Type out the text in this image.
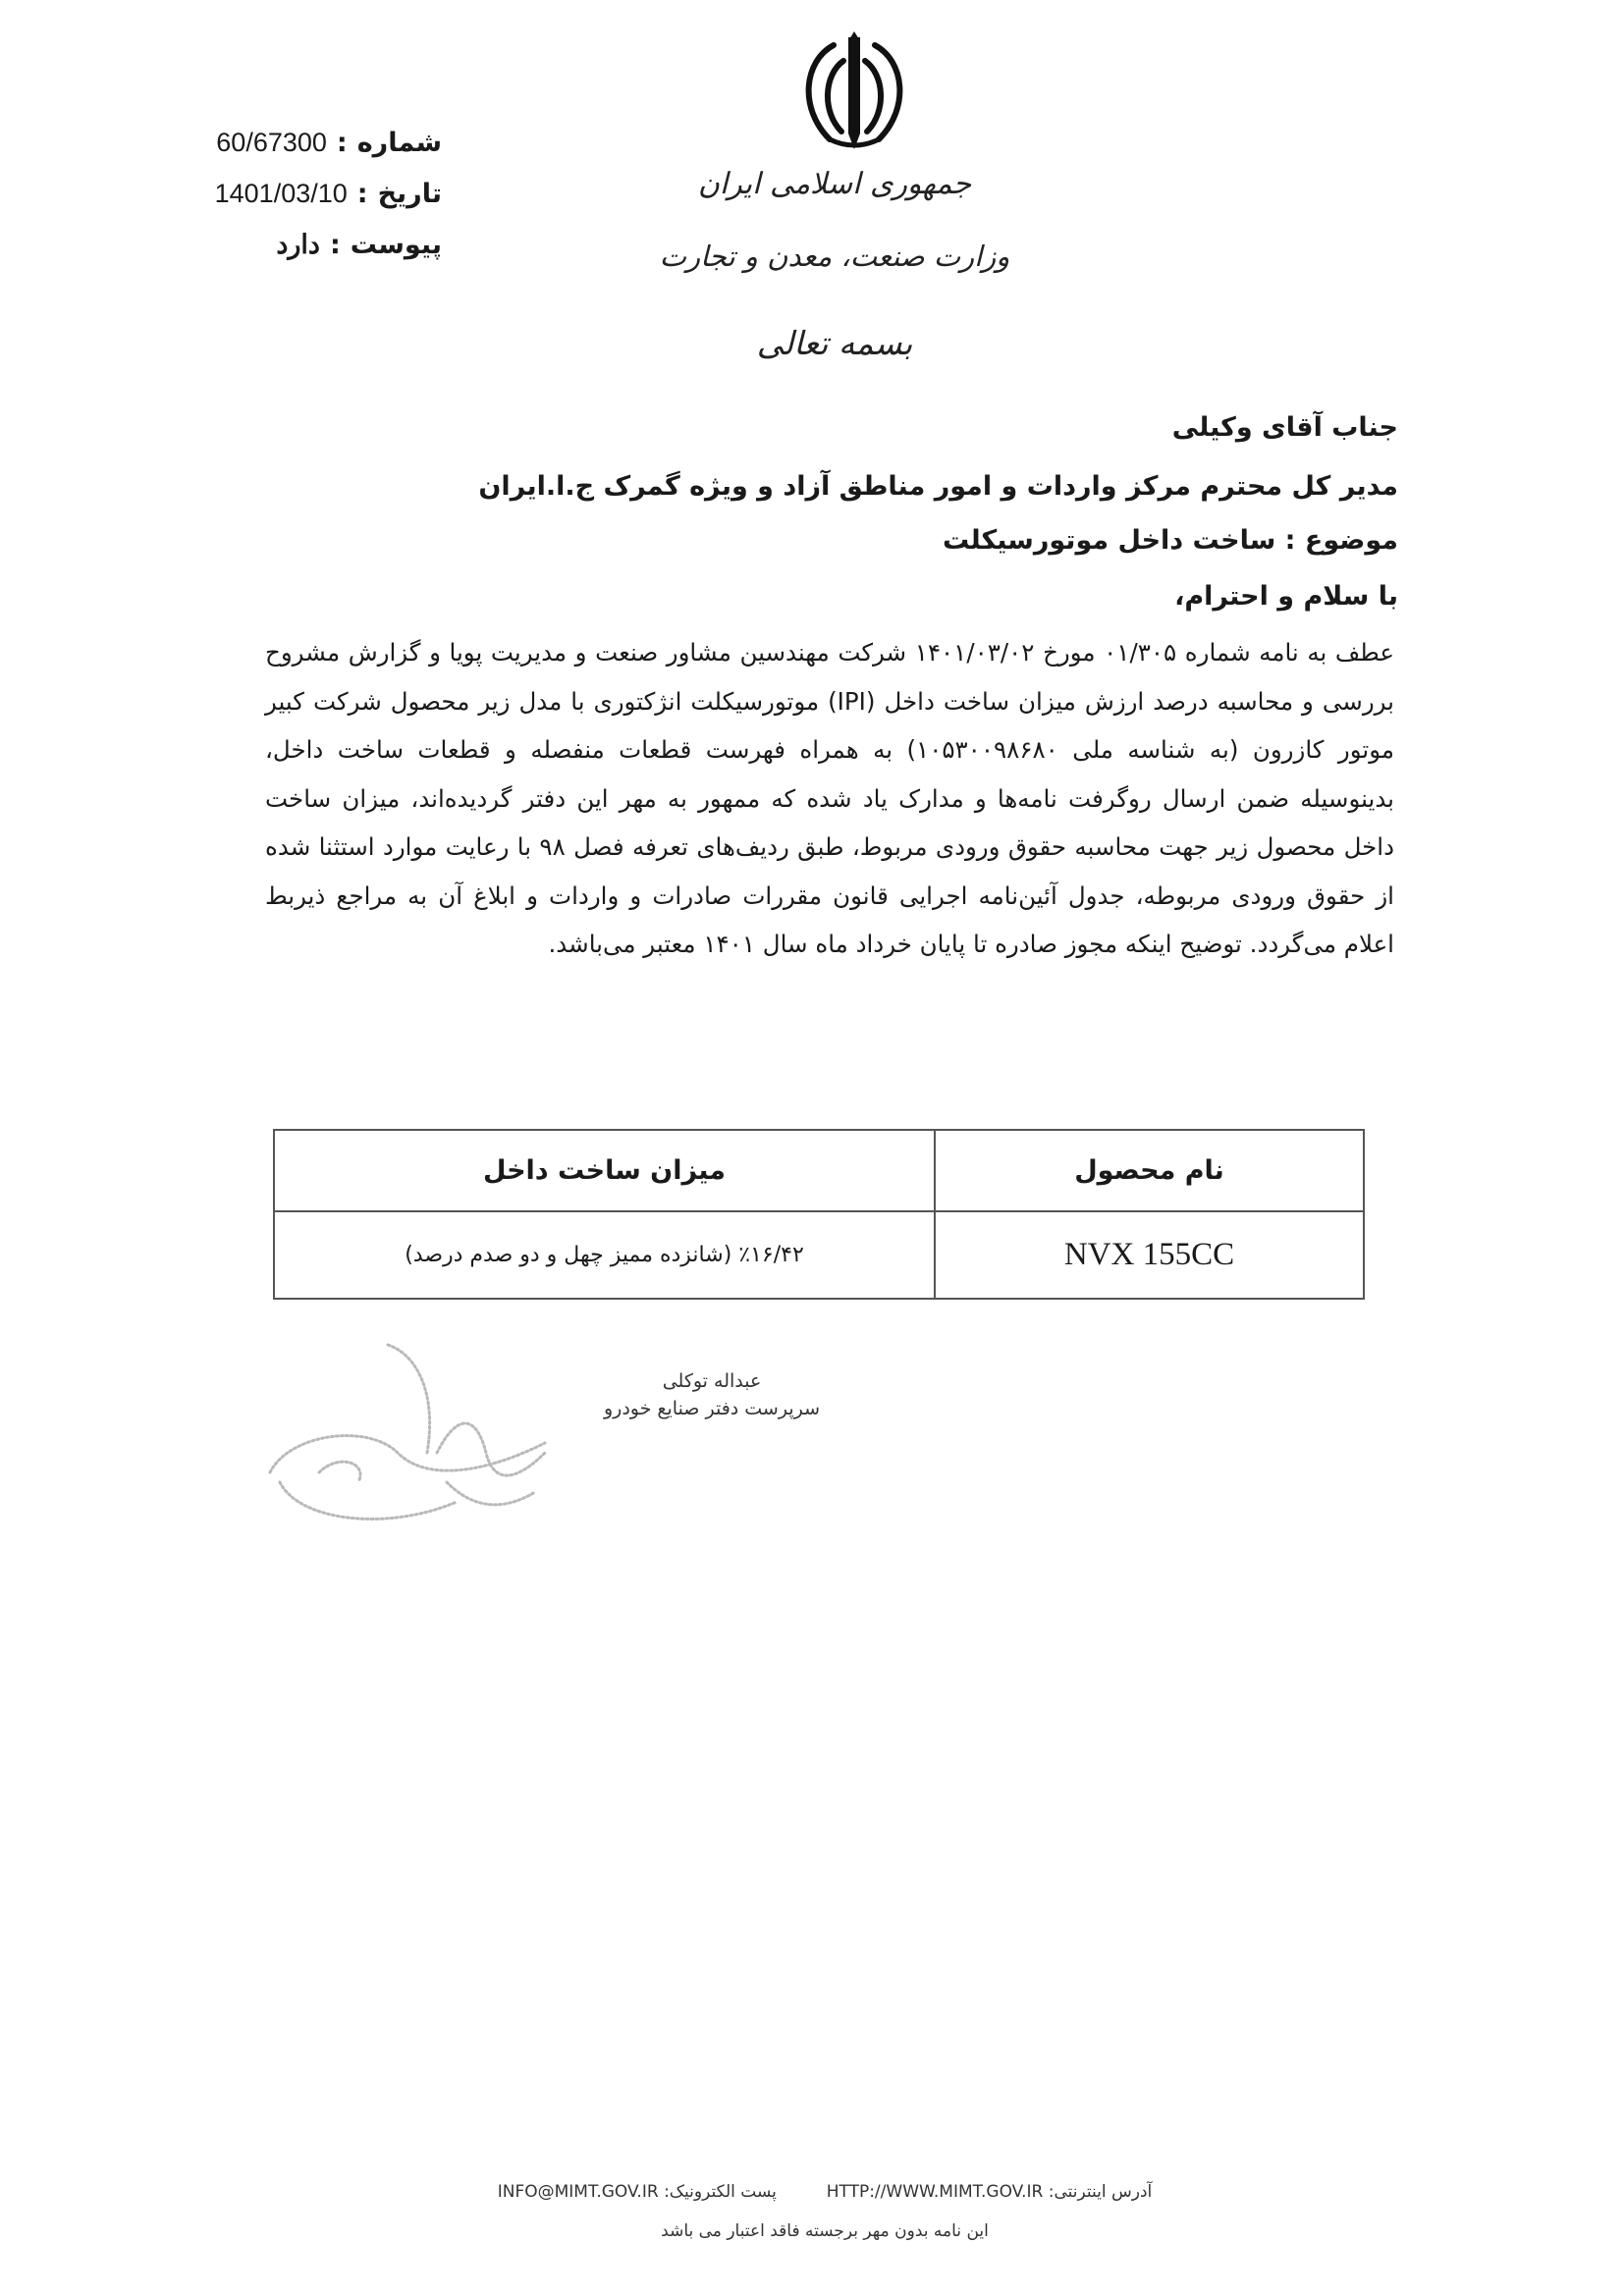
شماره
:
60/67300
تاریخ
:
1401/03/10
پیوست
:
دارد
جمهوری اسلامی ایران
وزارت صنعت، معدن و تجارت
بسمه تعالی
جناب آقای وکیلی
مدیر کل محترم مرکز واردات و امور مناطق آزاد و ویژه گمرک ج.ا.ایران
موضوع : ساخت داخل موتورسیکلت
با سلام و احترام،
عطف به نامه شماره ۰۱/۳۰۵ مورخ ۱۴۰۱/۰۳/۰۲ شرکت مهندسین مشاور صنعت و مدیریت پویا و گزارش مشروح بررسی و محاسبه درصد ارزش میزان ساخت داخل (IPI) موتورسیکلت انژکتوری با مدل زیر محصول شرکت کبیر موتور کازرون (به شناسه ملی ۱۰۵۳۰۰۹۸۶۸۰) به همراه فهرست قطعات منفصله و قطعات ساخت داخل، بدینوسیله ضمن ارسال روگرفت نامه‌ها و مدارک یاد شده که ممهور به مهر این دفتر گردیده‌اند، میزان ساخت داخل محصول زیر جهت محاسبه حقوق ورودی مربوط، طبق ردیف‌های تعرفه فصل ۹۸ با رعایت موارد استثنا شده از حقوق ورودی مربوطه، جدول آئین‌نامه اجرایی قانون مقررات صادرات و واردات و ابلاغ آن به مراجع ذیربط اعلام می‌گردد. توضیح اینکه مجوز صادره تا پایان خرداد ماه سال ۱۴۰۱ معتبر می‌باشد.
نام محصول	میزان ساخت داخل
NVX 155CC	٪۱۶/۴۲ (شانزده ممیز چهل و دو صدم درصد)
عبداله توکلی
سرپرست دفتر صنایع خودرو
آدرس اینترنتی: HTTP://WWW.MIMT.GOV.IR  پست الکترونیک: INFO@MIMT.GOV.IR
این نامه بدون مهر برجسته فاقد اعتبار می باشد
